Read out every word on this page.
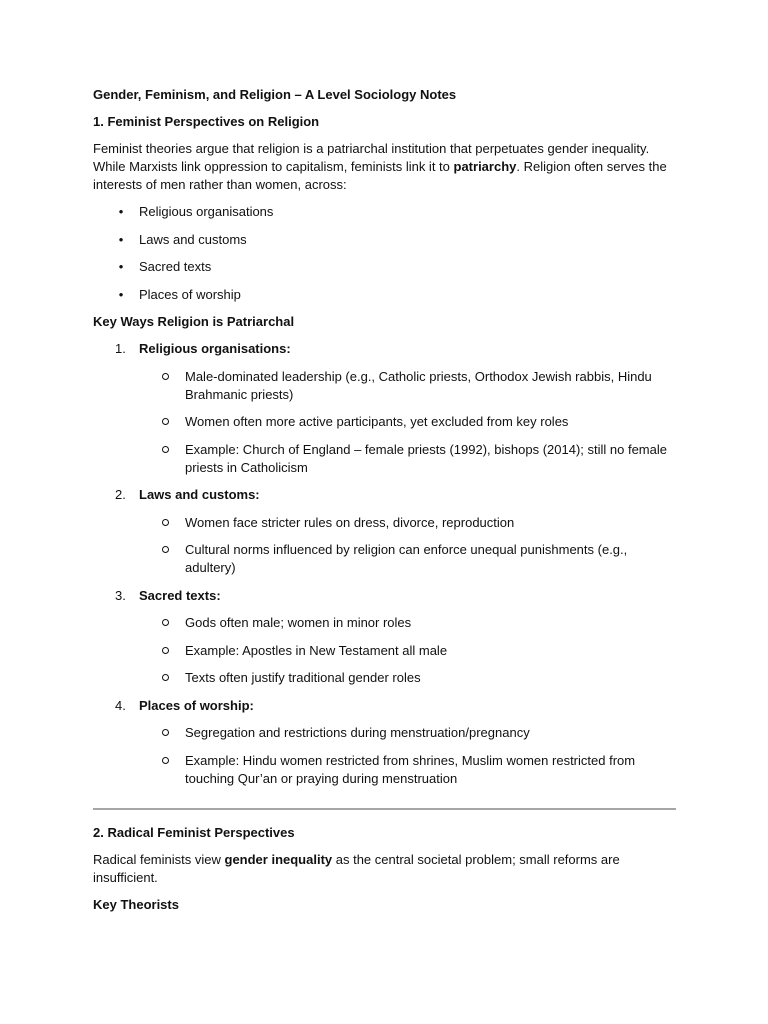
Gender, Feminism, and Religion – A Level Sociology Notes
1. Feminist Perspectives on Religion

Feminist theories argue that religion is a patriarchal institution that perpetuates gender inequality. While Marxists link oppression to capitalism, feminists link it to patriarchy. Religion often serves the interests of men rather than women, across:

• Religious organisations
• Laws and customs
• Sacred texts
• Places of worship
Key Ways Religion is Patriarchal
1.	Religious organisations:
Male-dominated leadership (e.g., Catholic priests, Orthodox Jewish rabbis, Hindu Brahmanic priests)
Women often more active participants, yet excluded from key roles
Example: Church of England – female priests (1992), bishops (2014); still no female priests in Catholicism
2.	Laws and customs:
Women face stricter rules on dress, divorce, reproduction
Cultural norms influenced by religion can enforce unequal punishments (e.g., adultery)
3.	Sacred texts:
Gods often male; women in minor roles
Example: Apostles in New Testament all male
Texts often justify traditional gender roles
4.	Places of worship:
Segregation and restrictions during menstruation/pregnancy
Example: Hindu women restricted from shrines, Muslim women restricted from touching Qur’an or praying during menstruation
2. Radical Feminist Perspectives

Radical feminists view gender inequality as the central societal problem; small reforms are insufficient.

Key Theorists
